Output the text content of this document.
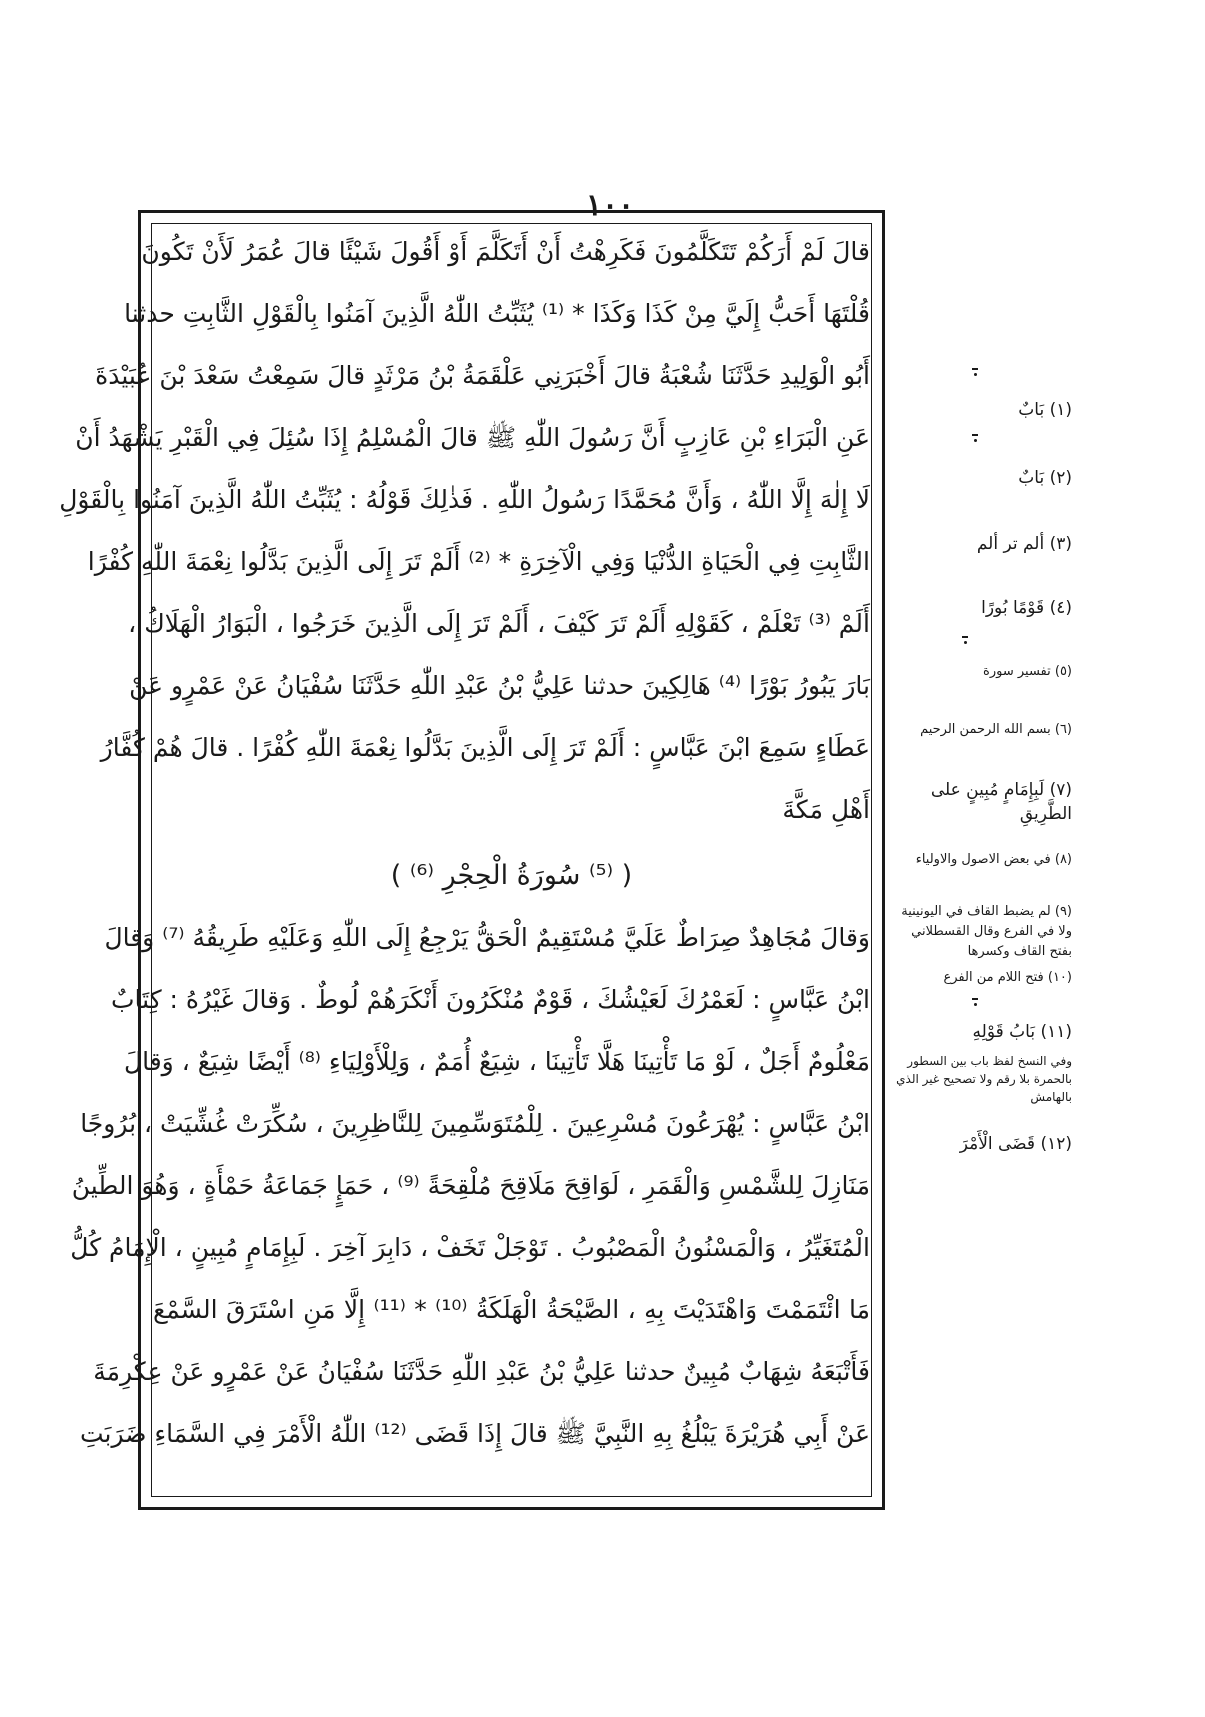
١٠٠
قالَ لَمْ أَرَكُمْ تَتَكَلَّمُونَ فَكَرِهْتُ أَنْ أَتَكَلَّمَ أَوْ أَقُولَ شَيْئًا قالَ عُمَرُ لَأَنْ تَكُونَ
قُلْتَهَا أَحَبُّ إِلَيَّ مِنْ كَذَا وَكَذَا * ⁽¹⁾ يُثَبِّتُ اللّٰهُ الَّذِينَ آمَنُوا بِالْقَوْلِ الثَّابِتِ حدثنا
أَبُو الْوَلِيدِ حَدَّثَنَا شُعْبَةُ قالَ أَخْبَرَنِي عَلْقَمَةُ بْنُ مَرْثَدٍ قالَ سَمِعْتُ سَعْدَ بْنَ عُبَيْدَةَ
عَنِ الْبَرَاءِ بْنِ عَازِبٍ أَنَّ رَسُولَ اللّٰهِ ﷺ قالَ الْمُسْلِمُ إِذَا سُئِلَ فِي الْقَبْرِ يَشْهَدُ أَنْ
لَا إِلٰهَ إِلَّا اللّٰهُ ، وَأَنَّ مُحَمَّدًا رَسُولُ اللّٰهِ . فَذٰلِكَ قَوْلُهُ : يُثَبِّتُ اللّٰهُ الَّذِينَ آمَنُوا بِالْقَوْلِ
الثَّابِتِ فِي الْحَيَاةِ الدُّنْيَا وَفِي الْآخِرَةِ * ⁽²⁾ أَلَمْ تَرَ إِلَى الَّذِينَ بَدَّلُوا نِعْمَةَ اللّٰهِ كُفْرًا
أَلَمْ ⁽³⁾ تَعْلَمْ ، كَقَوْلِهِ أَلَمْ تَرَ كَيْفَ ، أَلَمْ تَرَ إِلَى الَّذِينَ خَرَجُوا ، الْبَوَارُ الْهَلَاكُ ،
بَارَ يَبُورُ بَوْرًا ⁽⁴⁾ هَالِكِينَ حدثنا عَلِيُّ بْنُ عَبْدِ اللّٰهِ حَدَّثَنَا سُفْيَانُ عَنْ عَمْرٍو عَنْ
عَطَاءٍ سَمِعَ ابْنَ عَبَّاسٍ : أَلَمْ تَرَ إِلَى الَّذِينَ بَدَّلُوا نِعْمَةَ اللّٰهِ كُفْرًا . قالَ هُمْ كُفَّارُ
أَهْلِ مَكَّةَ
( ⁽⁵⁾ سُورَةُ الْحِجْرِ ⁽⁶⁾ )
وَقالَ مُجَاهِدٌ صِرَاطٌ عَلَيَّ مُسْتَقِيمٌ الْحَقُّ يَرْجِعُ إِلَى اللّٰهِ وَعَلَيْهِ طَرِيقُهُ ⁽⁷⁾ وَقالَ
ابْنُ عَبَّاسٍ : لَعَمْرُكَ لَعَيْشُكَ ، قَوْمٌ مُنْكَرُونَ أَنْكَرَهُمْ لُوطٌ . وَقالَ غَيْرُهُ : كِتَابٌ
مَعْلُومٌ أَجَلٌ ، لَوْ مَا تَأْتِينَا هَلَّا تَأْتِينَا ، شِيَعٌ أُمَمٌ ، وَلِلْأَوْلِيَاءِ ⁽⁸⁾ أَيْضًا شِيَعٌ ، وَقالَ
ابْنُ عَبَّاسٍ : يُهْرَعُونَ مُسْرِعِينَ . لِلْمُتَوَسِّمِينَ لِلنَّاظِرِينَ ، سُكِّرَتْ غُشِّيَتْ ، بُرُوجًا
مَنَازِلَ لِلشَّمْسِ وَالْقَمَرِ ، لَوَاقِحَ مَلَاقِحَ مُلْقِحَةً ⁽⁹⁾ ، حَمَإٍ جَمَاعَةُ حَمْأَةٍ ، وَهُوَ الطِّينُ
الْمُتَغَيِّرُ ، وَالْمَسْنُونُ الْمَصْبُوبُ . تَوْجَلْ تَخَفْ ، دَابِرَ آخِرَ . لَبِإِمَامٍ مُبِينٍ ، الْإِمَامُ كُلُّ
مَا ائْتَمَمْتَ وَاهْتَدَيْتَ بِهِ ، الصَّيْحَةُ الْهَلَكَةُ ⁽¹⁰⁾ * ⁽¹¹⁾ إِلَّا مَنِ اسْتَرَقَ السَّمْعَ
فَأَتْبَعَهُ شِهَابٌ مُبِينٌ حدثنا عَلِيُّ بْنُ عَبْدِ اللّٰهِ حَدَّثَنَا سُفْيَانُ عَنْ عَمْرٍو عَنْ عِكْرِمَةَ
عَنْ أَبِي هُرَيْرَةَ يَبْلُغُ بِهِ النَّبِيَّ ﷺ قالَ إِذَا قَضَى ⁽¹²⁾ اللّٰهُ الْأَمْرَ فِي السَّمَاءِ ضَرَبَتِ
(١) بَابٌ
(٢) بَابٌ
(٣) ألم تر ألم
(٤) قَوْمًا بُورًا
(٥) تفسير سورة
(٦) بسم الله الرحمن الرحيم
(٧) لَبِإِمَامٍ مُبِينٍ على الطَّرِيقِ
(٨) في بعض الاصول والاولياء
(٩) لم يضبط القاف في اليونينية ولا في الفرع وقال القسطلاني بفتح القاف وكسرها
(١٠) فتح اللام من الفرع
(١١) بَابُ قَوْلِهِ
وفي النسخ لفظ باب بين السطور بالحمرة بلا رقم ولا تصحيح غير الذي بالهامش
(١٢) قَضَى الْأَمْرَ
